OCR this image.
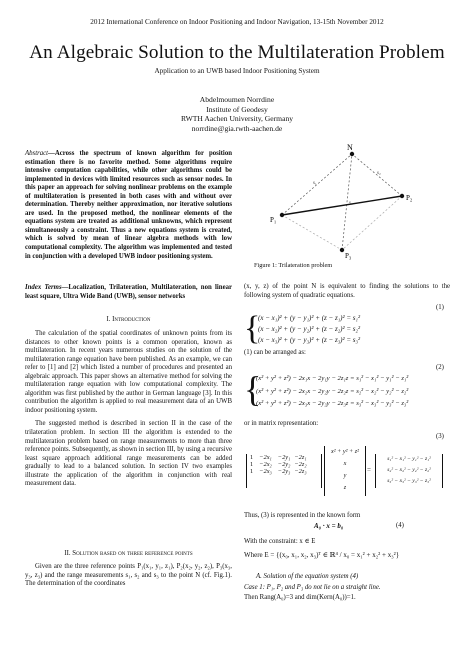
2012 International Conference on Indoor Positioning and Indoor Navigation, 13-15th November 2012
An Algebraic Solution to the Multilateration Problem
Application to an UWB based Indoor Positioning System
Abdelmoumen Norrdine
Institute of Geodesy
RWTH Aachen University, Germany
norrdine@gia.rwth-aachen.de
Abstract—Across the spectrum of known algorithm for position estimation there is no favorite method. Some algorithms require intensive computation capabilities, while other algorithms could be implemented in devices with limited resources such as sensor nodes. In this paper an approach for solving nonlinear problems on the example of multilateration is presented in both cases with and without over determination. Thereby neither approximation, nor iterative solutions are used. In the proposed method, the nonlinear elements of the equations system are treated as additional unknowns, which represent simultaneously a constraint. Thus a new equations system is created, which is solved by mean of linear algebra methods with low computational complexity. The algorithm was implemented and tested in conjunction with a developed UWB indoor positioning system.
Index Terms—Localization, Trilateration, Multilateration, non linear least square, Ultra Wide Band (UWB), sensor networks
I. Introduction

The calculation of the spatial coordinates of unknown points from its distances to other known points is a common operation, known as multilateration. In recent years numerous studies on the solution of the multilateration range equation have been published. As an example, we can refer to [1] and [2] which listed a number of procedures and presented an algebraic approach. This paper shows an alternative method for solving the multilateration range equation with low computational complexity. The algorithm was first published by the author in German language [3]. In this contribution the algorithm is applied to real measurement data of an UWB indoor positioning system.

The suggested method is described in section II in the case of the trilateration problem. In section III the algorithm is extended to the multilateration problem based on range measurements to more than three reference points. Subsequently, as shown in section III, by using a recursive least square approach additional range measurements can be added gradually to lead to a balanced solution. In section IV two examples illustrate the application of the algorithm in conjunction with real measurement data.

II. Solution based on three reference points

Given are the three reference points P₁(x₁, y₁, z₁), P₂(x₂, y₂, z₂), P₃(x₃, y₃, z₃) and the range measurements s₁, s₂ and s₃ to the point N (cf. Fig.1). The determination of the coordinates

N
P₁
P₂
P₃
s₁
s₂
s₃
Figure 1: Trilateration problem
(x, y, z) of the point N is equivalent to finding the solutions to the following system of quadratic equations.
(1)
{
(x − x₁)² + (y − y₁)² + (z − z₁)² = s₁²
(x − x₂)² + (y − y₂)² + (z − z₂)² = s₂²
(x − x₃)² + (y − y₃)² + (z − z₃)² = s₃²
(1) can be arranged as:
(2)
{
(x² + y² + z²) − 2x₁x − 2y₁y − 2z₁z = s₁² − x₁² − y₁² − z₁²
(x² + y² + z²) − 2x₂x − 2y₂y − 2z₂z = s₂² − x₂² − y₂² − z₂²
(x² + y² + z²) − 2x₃x − 2y₃y − 2z₃z = s₃² − x₃² − y₃² − z₃²
or in matrix representation:
(3)
1	−2x₁	−2y₁	−2z₁
1	−2x₂	−2y₂	−2z₂
1	−2x₃	−2y₃	−2z₃
x² + y² + z²
x
y
z
=
s₁² − x₁² − y₁² − z₁²
s₂² − x₂² − y₂² − z₂²
s₃² − x₃² − y₃² − z₃²
Thus, (3) is represented in the known form
A₀ · x = b₀	(4)
With the constraint: x ∈ E
Where E = {(x₀, x₁, x₂, x₃)ᵀ ∈ ℝ⁴ / x₀ = x₁² + x₂² + x₃²}
A. Solution of the equation system (4)
Case 1: P₁, P₂ and P₃ do not lie on a straight line.
Then Rang(A₀)=3 and dim(Kern(A₀))=1.
